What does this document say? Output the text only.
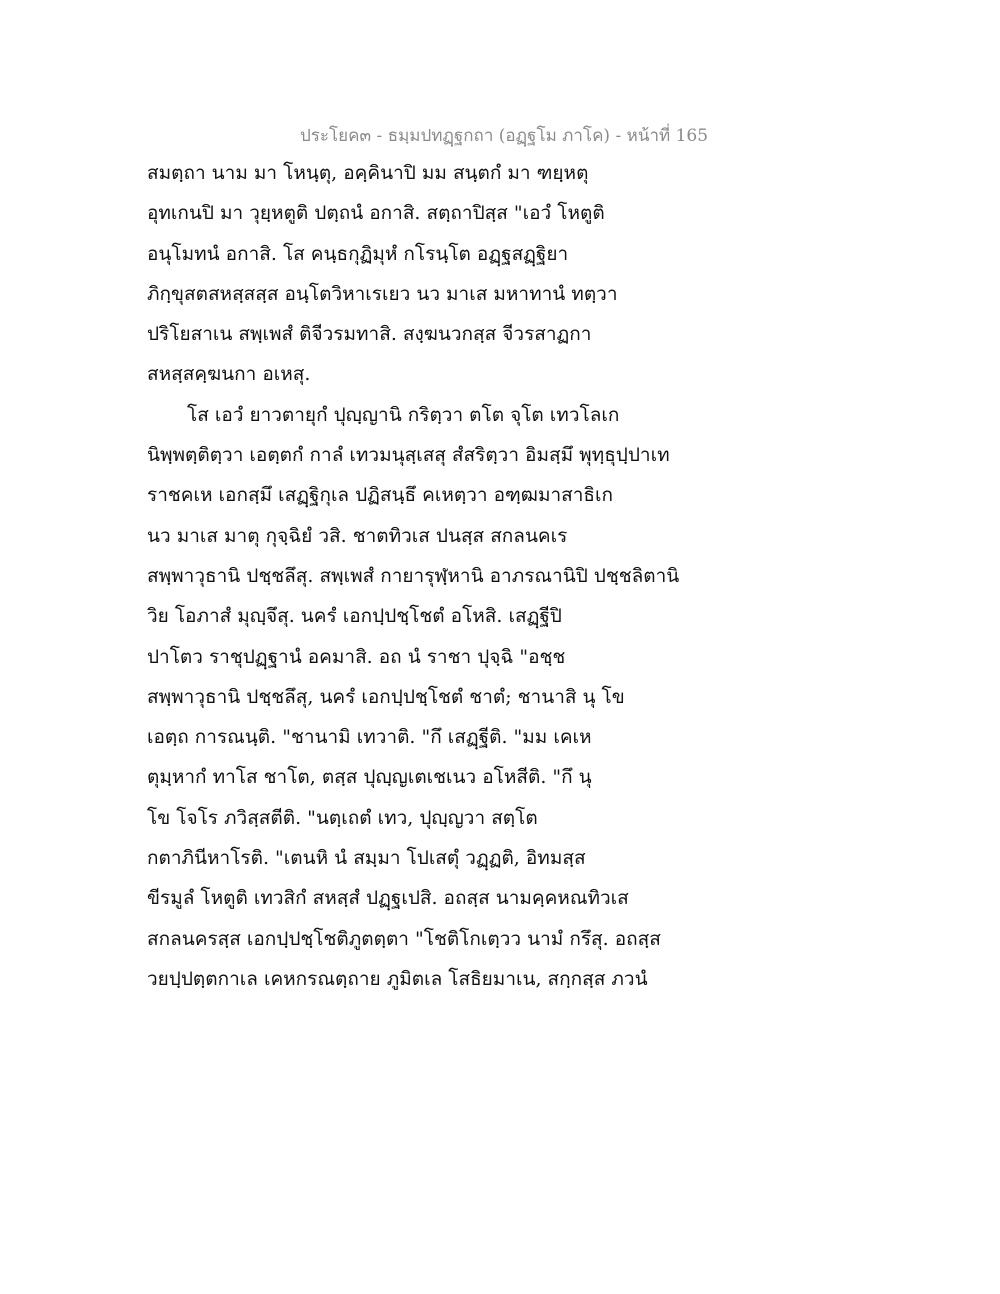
ประโยค๓ - ธมฺมปทฏฺฐกถา (อฏฺฐโม ภาโค) - หน้าที่ 165
สมตฺถา นาม มา โหนฺตุ, อคฺคินาปิ มม สนฺตกํ มา ฑยฺหตุ
อุทเกนปิ มา วุยฺหตูติ ปตฺถนํ อกาสิ. สตฺถาปิสฺส "เอวํ โหตูติ
อนุโมทนํ อกาสิ. โส คนฺธกุฏิมุหํ กโรนฺโต อฏฺฐสฏฺฐิยา
ภิกฺขุสตสหสฺสสฺส อนฺโตวิหาเรเยว นว มาเส มหาทานํ ทตฺวา
ปริโยสาเน สพฺเพสํ ติจีวรมทาสิ. สงฺฆนวกสฺส จีวรสาฏกา
สหสฺสคฺฆนกา อเหสุ.
โส เอวํ ยาวตายุกํ ปุญฺญานิ กริตฺวา ตโต จุโต เทวโลเก
นิพฺพตฺติตฺวา เอตฺตกํ กาลํ เทวมนุสฺเสสุ สํสริตฺวา อิมสฺมึ พุทฺธุปฺปาเท
ราชคเห เอกสฺมึ เสฏฺฐิกุเล ปฏิสนฺธึ คเหตฺวา อฑฺฒมาสาธิเก
นว มาเส มาตุ กุจฺฉิยํ วสิ. ชาตทิวเส ปนสฺส สกลนคเร
สพฺพาวุธานิ ปชฺชลึสุ. สพฺเพสํ กายารุฬฺหานิ อาภรณานิปิ ปชฺชลิตานิ
วิย โอภาสํ มุญฺจึสุ. นครํ เอกปฺปชฺโชตํ อโหสิ. เสฏฺฐีปิ
ปาโตว ราชุปฏฺฐานํ อคมาสิ. อถ นํ ราชา ปุจฺฉิ "อชฺช
สพฺพาวุธานิ ปชฺชลึสุ, นครํ เอกปฺปชฺโชตํ ชาตํ; ชานาสิ นุ โข
เอตฺถ การณนฺติ. "ชานามิ เทวาติ. "กึ เสฏฺฐีติ. "มม เคเห
ตุมฺหากํ ทาโส ชาโต, ตสฺส ปุญฺญเตเชเนว อโหสีติ. "กึ นุ
โข โจโร ภวิสฺสตีติ. "นตฺเถตํ เทว, ปุญฺญวา สตฺโต
กตาภินีหาโรติ. "เตนหิ นํ สมฺมา โปเสตุํ วฏฺฏติ, อิทมสฺส
ขีรมูลํ โหตูติ เทวสิกํ สหสฺสํ ปฏฺฐเปสิ. อถสฺส นามคฺคหณทิวเส
สกลนครสฺส เอกปฺปชฺโชติภูตตฺตา "โชติโกเตฺวว นามํ กรึสุ. อถสฺส
วยปฺปตฺตกาเล เคหกรณตฺถาย ภูมิตเล โสธิยมาเน, สกฺกสฺส ภวนํ
